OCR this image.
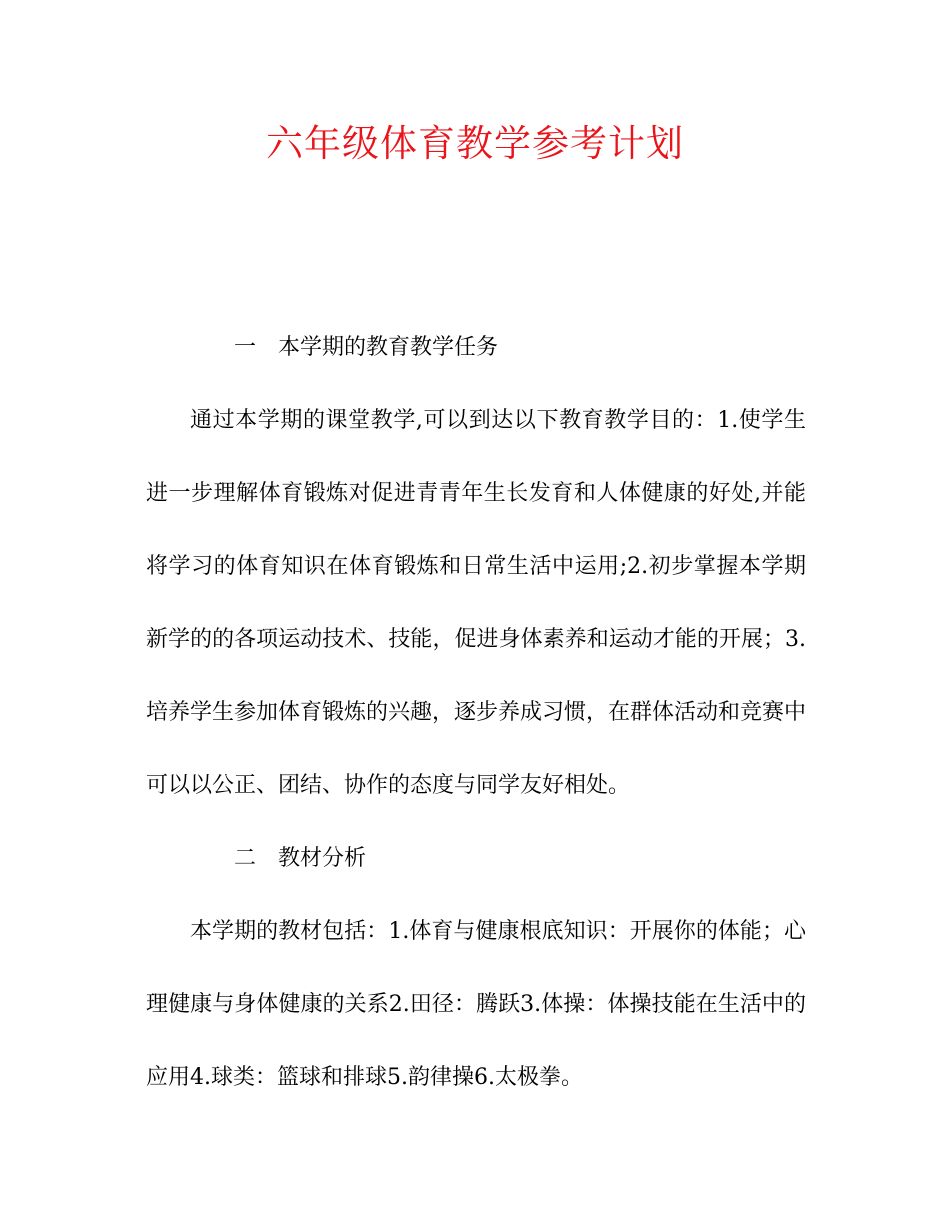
六年级体育教学参考计划

一 本学期的教育教学任务

通过本学期的课堂教学,可以到达以下教育教学目的：1.使学生进一步理解体育锻炼对促进青青年生长发育和人体健康的好处,并能将学习的体育知识在体育锻炼和日常生活中运用;2.初步掌握本学期新学的的各项运动技术、技能，促进身体素养和运动才能的开展；3.培养学生参加体育锻炼的兴趣，逐步养成习惯，在群体活动和竞赛中可以以公正、团结、协作的态度与同学友好相处。

二 教材分析

本学期的教材包括：1.体育与健康根底知识：开展你的体能；心理健康与身体健康的关系2.田径：腾跃3.体操：体操技能在生活中的应用4.球类：篮球和排球5.韵律操6.太极拳。
